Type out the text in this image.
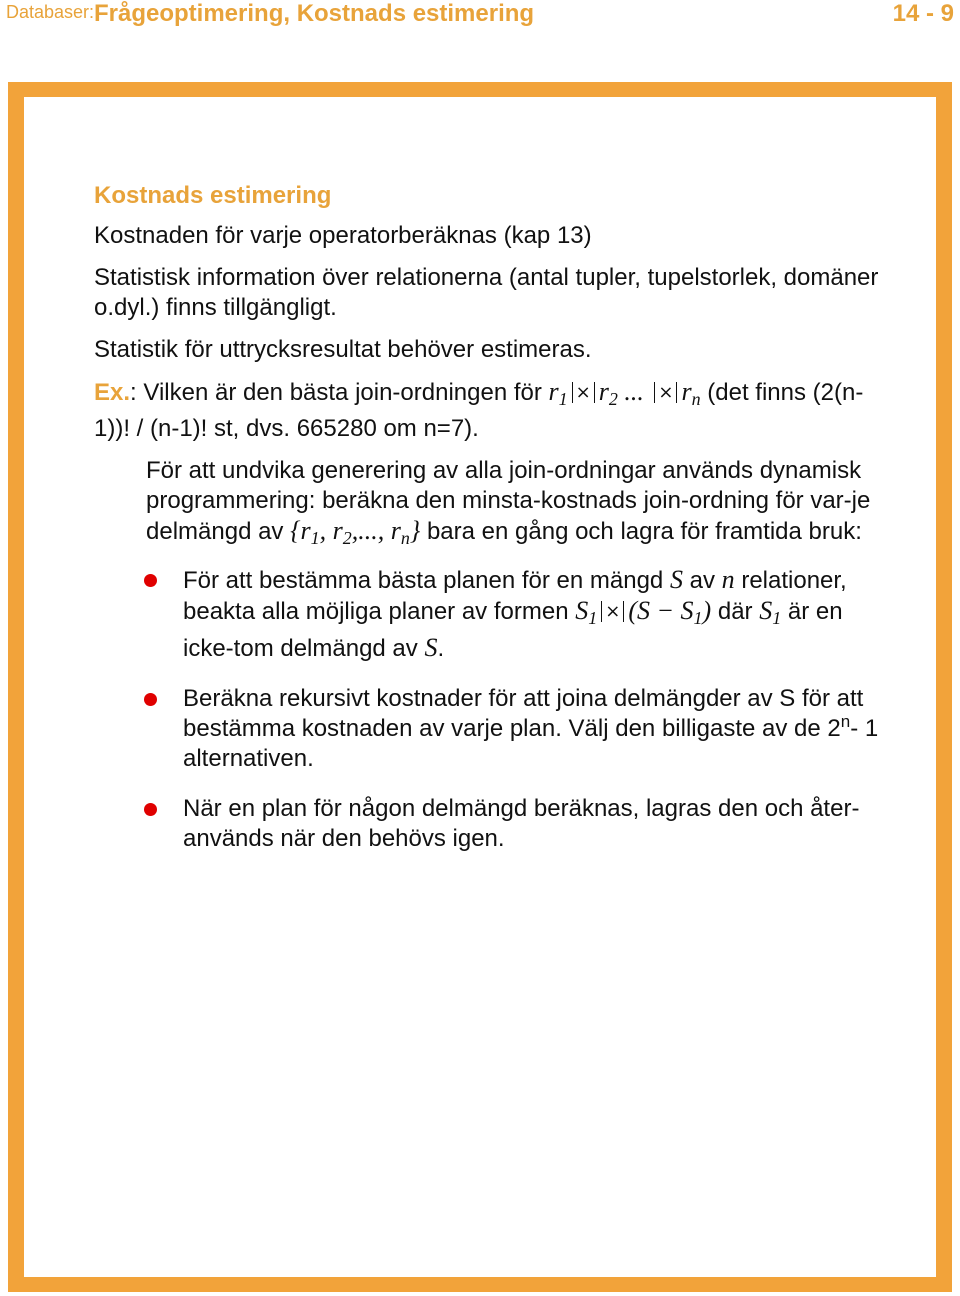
Databaser: Frågeoptimering, Kostnads estimering	14 - 9

Kostnads estimering

Kostnaden för varje operatorberäknas (kap 13)

Statistisk information över relationerna (antal tupler, tupelstorlek, domäner o.dyl.) finns tillgängligt.

Statistik för uttrycksresultat behöver estimeras.

Ex.: Vilken är den bästa join-ordningen för $r_1 \times r_2$ ... × $r_n$ (det finns (2(n-1))! / (n-1)! st, dvs. 665280 om n=7).

För att undvika generering av alla join-ordningar används dynamisk programmering: beräkna den minsta-kostnads join-ordning för var-je delmängd av {$r_1$, $r_2$,..., $r_n$} bara en gång och lagra för framtida bruk:

För att bestämma bästa planen för en mängd S av n relationer, beakta alla möjliga planer av formen $S_1 \times (S - S_1)$ där $S_1$ är en icke-tom delmängd av S.
Beräkna rekursivt kostnader för att joina delmängder av S för att bestämma kostnaden av varje plan. Välj den billigaste av de 2$^n$- 1 alternativen.
När en plan för någon delmängd beräknas, lagras den och åter-används när den behövs igen.
